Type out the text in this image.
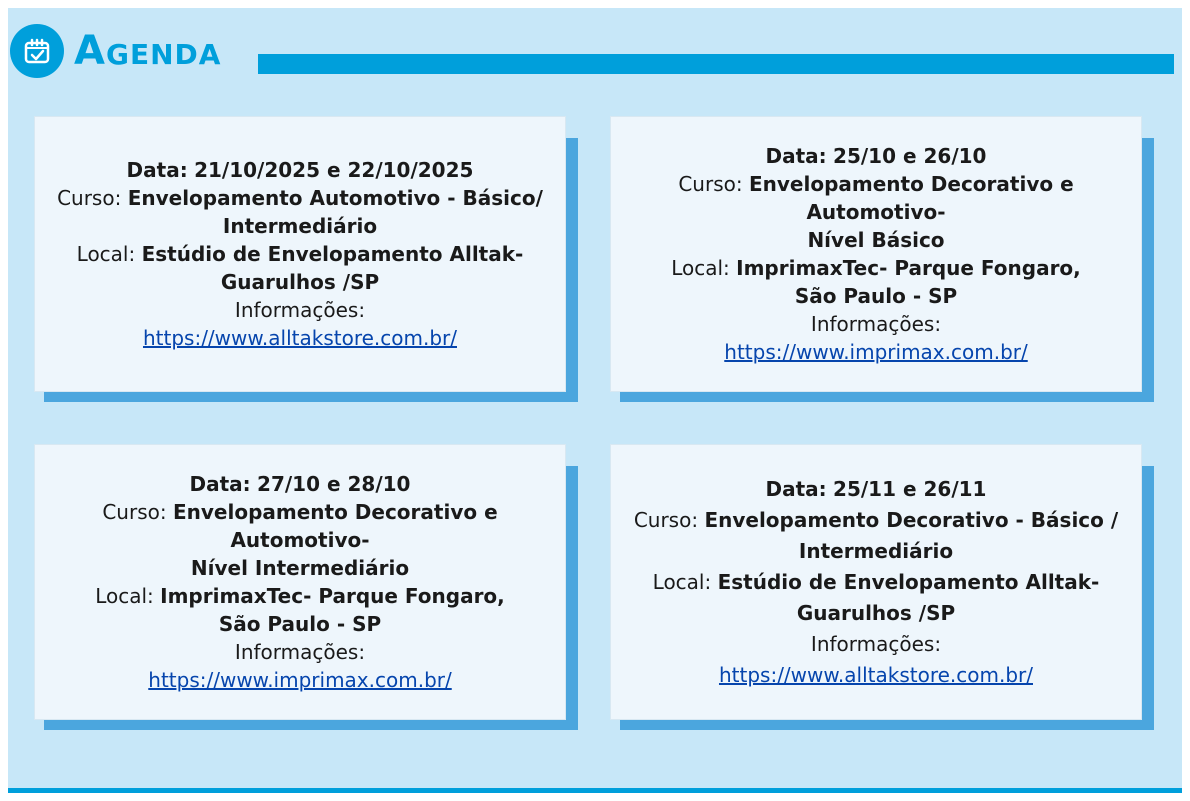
Agenda
Data: 21/10/2025 e 22/10/2025
Curso: Envelopamento Automotivo - Básico/
Intermediário
Local: Estúdio de Envelopamento Alltak-
Guarulhos /SP
Informações:
https://www.alltakstore.com.br/
Data: 25/10 e 26/10
Curso: Envelopamento Decorativo e Automotivo-
Nível Básico
Local: ImprimaxTec- Parque Fongaro,
São Paulo - SP
Informações:
https://www.imprimax.com.br/
Data: 27/10 e 28/10
Curso: Envelopamento Decorativo e Automotivo-
Nível Intermediário
Local: ImprimaxTec- Parque Fongaro,
São Paulo - SP
Informações:
https://www.imprimax.com.br/
Data: 25/11 e 26/11
Curso: Envelopamento Decorativo - Básico /
Intermediário
Local: Estúdio de Envelopamento Alltak-
Guarulhos /SP
Informações:
https://www.alltakstore.com.br/
